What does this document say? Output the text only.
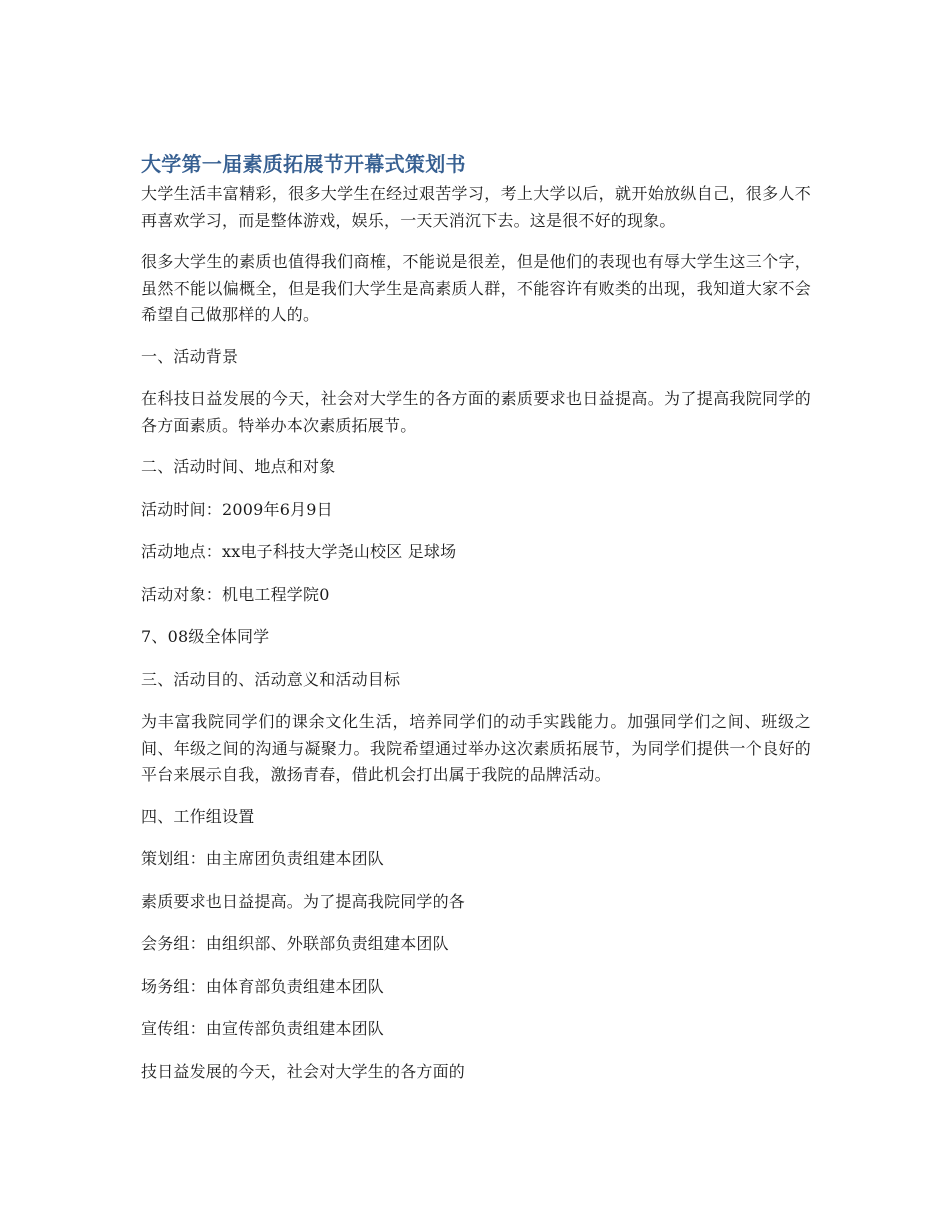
大学第一届素质拓展节开幕式策划书

大学生活丰富精彩，很多大学生在经过艰苦学习，考上大学以后，就开始放纵自己，很多人不再喜欢学习，而是整体游戏，娱乐，一天天消沉下去。这是很不好的现象。

很多大学生的素质也值得我们商榷，不能说是很差，但是他们的表现也有辱大学生这三个字，虽然不能以偏概全，但是我们大学生是高素质人群，不能容许有败类的出现，我知道大家不会希望自己做那样的人的。

一、活动背景

在科技日益发展的今天，社会对大学生的各方面的素质要求也日益提高。为了提高我院同学的各方面素质。特举办本次素质拓展节。

二、活动时间、地点和对象

活动时间：2009年6月9日

活动地点：xx电子科技大学尧山校区 足球场

活动对象：机电工程学院0

7、08级全体同学

三、活动目的、活动意义和活动目标

为丰富我院同学们的课余文化生活，培养同学们的动手实践能力。加强同学们之间、班级之间、年级之间的沟通与凝聚力。我院希望通过举办这次素质拓展节，为同学们提供一个良好的平台来展示自我，激扬青春，借此机会打出属于我院的品牌活动。

四、工作组设置

策划组：由主席团负责组建本团队

素质要求也日益提高。为了提高我院同学的各

会务组：由组织部、外联部负责组建本团队

场务组：由体育部负责组建本团队

宣传组：由宣传部负责组建本团队

技日益发展的今天，社会对大学生的各方面的
